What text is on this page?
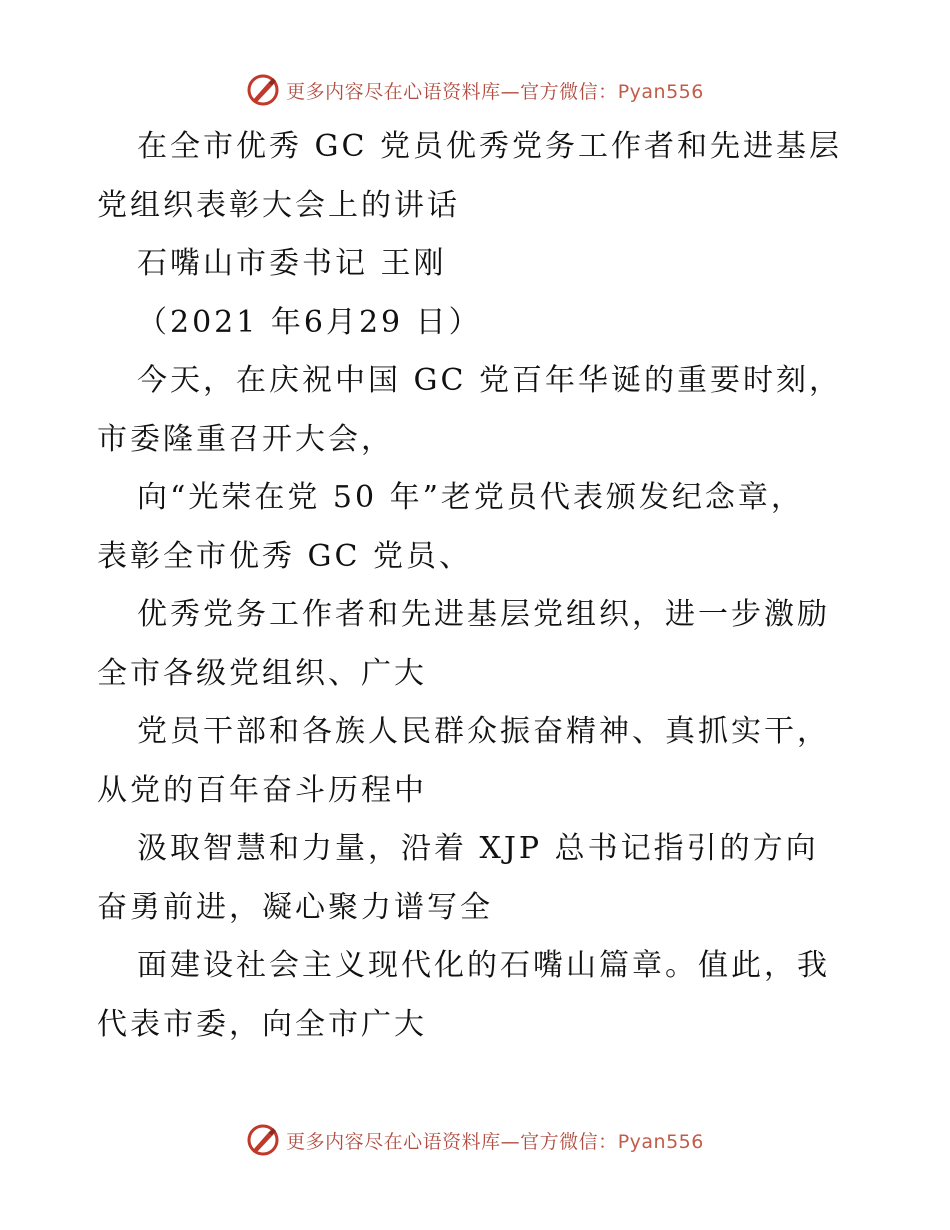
更多内容尽在心语资料库—官方微信：Pyan556
在全市优秀 GC 党员优秀党务工作者和先进基层
党组织表彰大会上的讲话
石嘴山市委书记 王刚
（2021 年6月29 日）
今天，在庆祝中国 GC 党百年华诞的重要时刻，
市委隆重召开大会，
向“光荣在党 50 年”老党员代表颁发纪念章，
表彰全市优秀 GC 党员、
优秀党务工作者和先进基层党组织，进一步激励
全市各级党组织、广大
党员干部和各族人民群众振奋精神、真抓实干，
从党的百年奋斗历程中
汲取智慧和力量，沿着 XJP 总书记指引的方向
奋勇前进，凝心聚力谱写全
面建设社会主义现代化的石嘴山篇章。值此，我
代表市委，向全市广大
更多内容尽在心语资料库—官方微信：Pyan556
